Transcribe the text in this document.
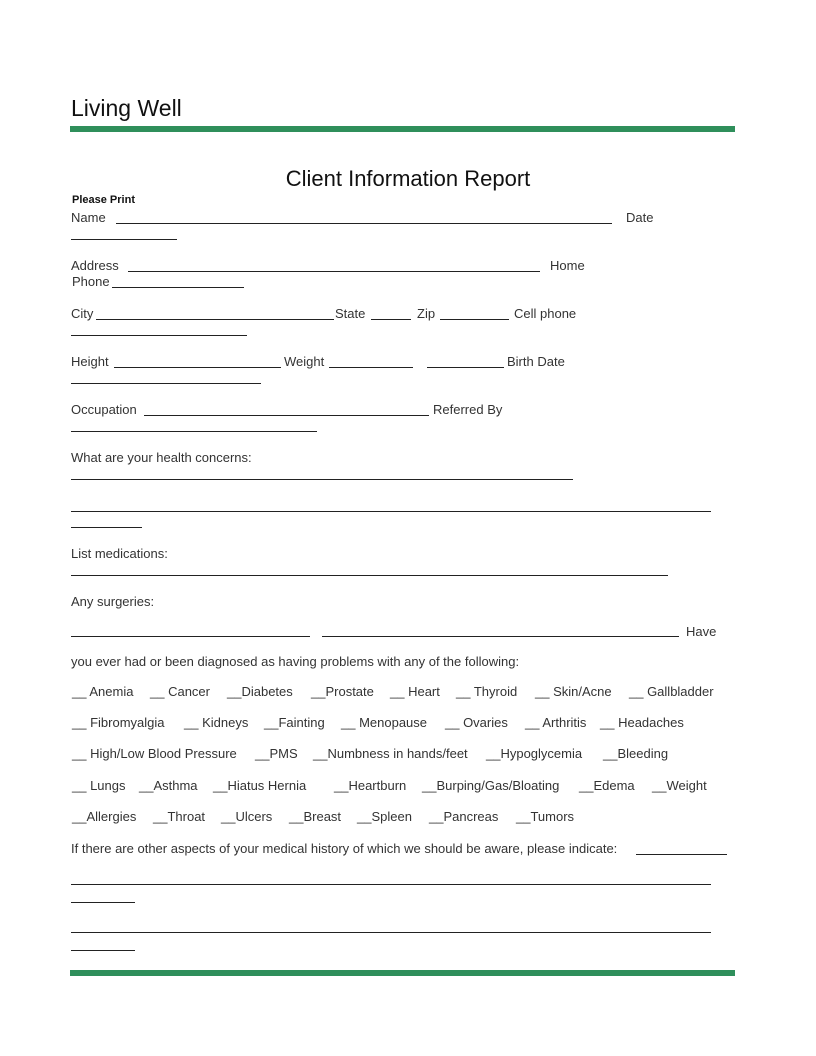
Living Well
Client Information Report
Please Print
Name	Date
Address	Home
Phone
City	State	Zip	Cell phone
Height	Weight	Birth Date
Occupation	Referred By
What are your health concerns:
List medications:
Any surgeries:
Have
you ever had or been diagnosed as having problems with any of the following:
__ Anemia __ Cancer __Diabetes __Prostate __ Heart __ Thyroid __ Skin/Acne __ Gallbladder
__ Fibromyalgia __ Kidneys __Fainting __ Menopause __ Ovaries __ Arthritis __ Headaches
__ High/Low Blood Pressure __PMS __Numbness in hands/feet __Hypoglycemia __Bleeding
__ Lungs __Asthma __Hiatus Hernia __Heartburn __Burping/Gas/Bloating __Edema __Weight
__Allergies __Throat __Ulcers __Breast __Spleen __Pancreas __Tumors
If there are other aspects of your medical history of which we should be aware, please indicate:
